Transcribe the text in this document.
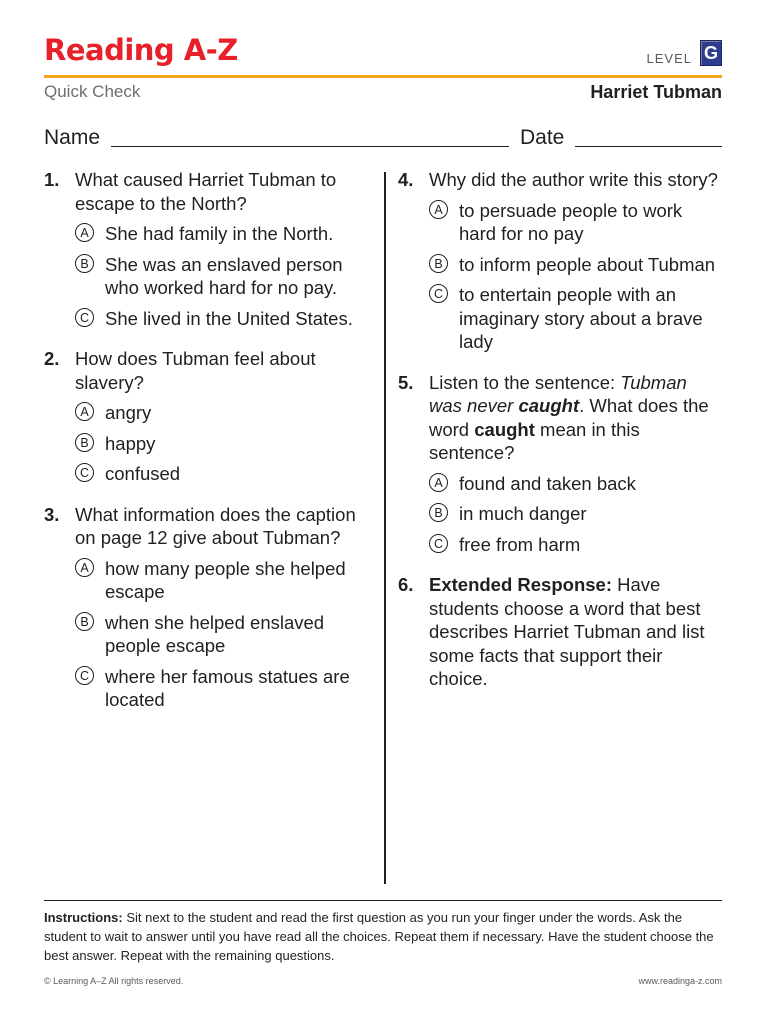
Reading A-Z	LEVEL G
Quick Check	Harriet Tubman
Name	Date
1. What caused Harriet Tubman to escape to the North?
A She had family in the North.
B She was an enslaved person who worked hard for no pay.
C She lived in the United States.
2. How does Tubman feel about slavery?
A angry
B happy
C confused
3. What information does the caption on page 12 give about Tubman?
A how many people she helped escape
B when she helped enslaved people escape
C where her famous statues are located
4. Why did the author write this story?
A to persuade people to work hard for no pay
B to inform people about Tubman
C to entertain people with an imaginary story about a brave lady
5. Listen to the sentence: Tubman was never caught. What does the word caught mean in this sentence?
A found and taken back
B in much danger
C free from harm
6. Extended Response: Have students choose a word that best describes Harriet Tubman and list some facts that support their choice.
Instructions: Sit next to the student and read the first question as you run your finger under the words. Ask the student to wait to answer until you have read all the choices. Repeat them if necessary. Have the student choose the best answer. Repeat with the remaining questions.
© Learning A–Z All rights reserved.	www.readinga-z.com
